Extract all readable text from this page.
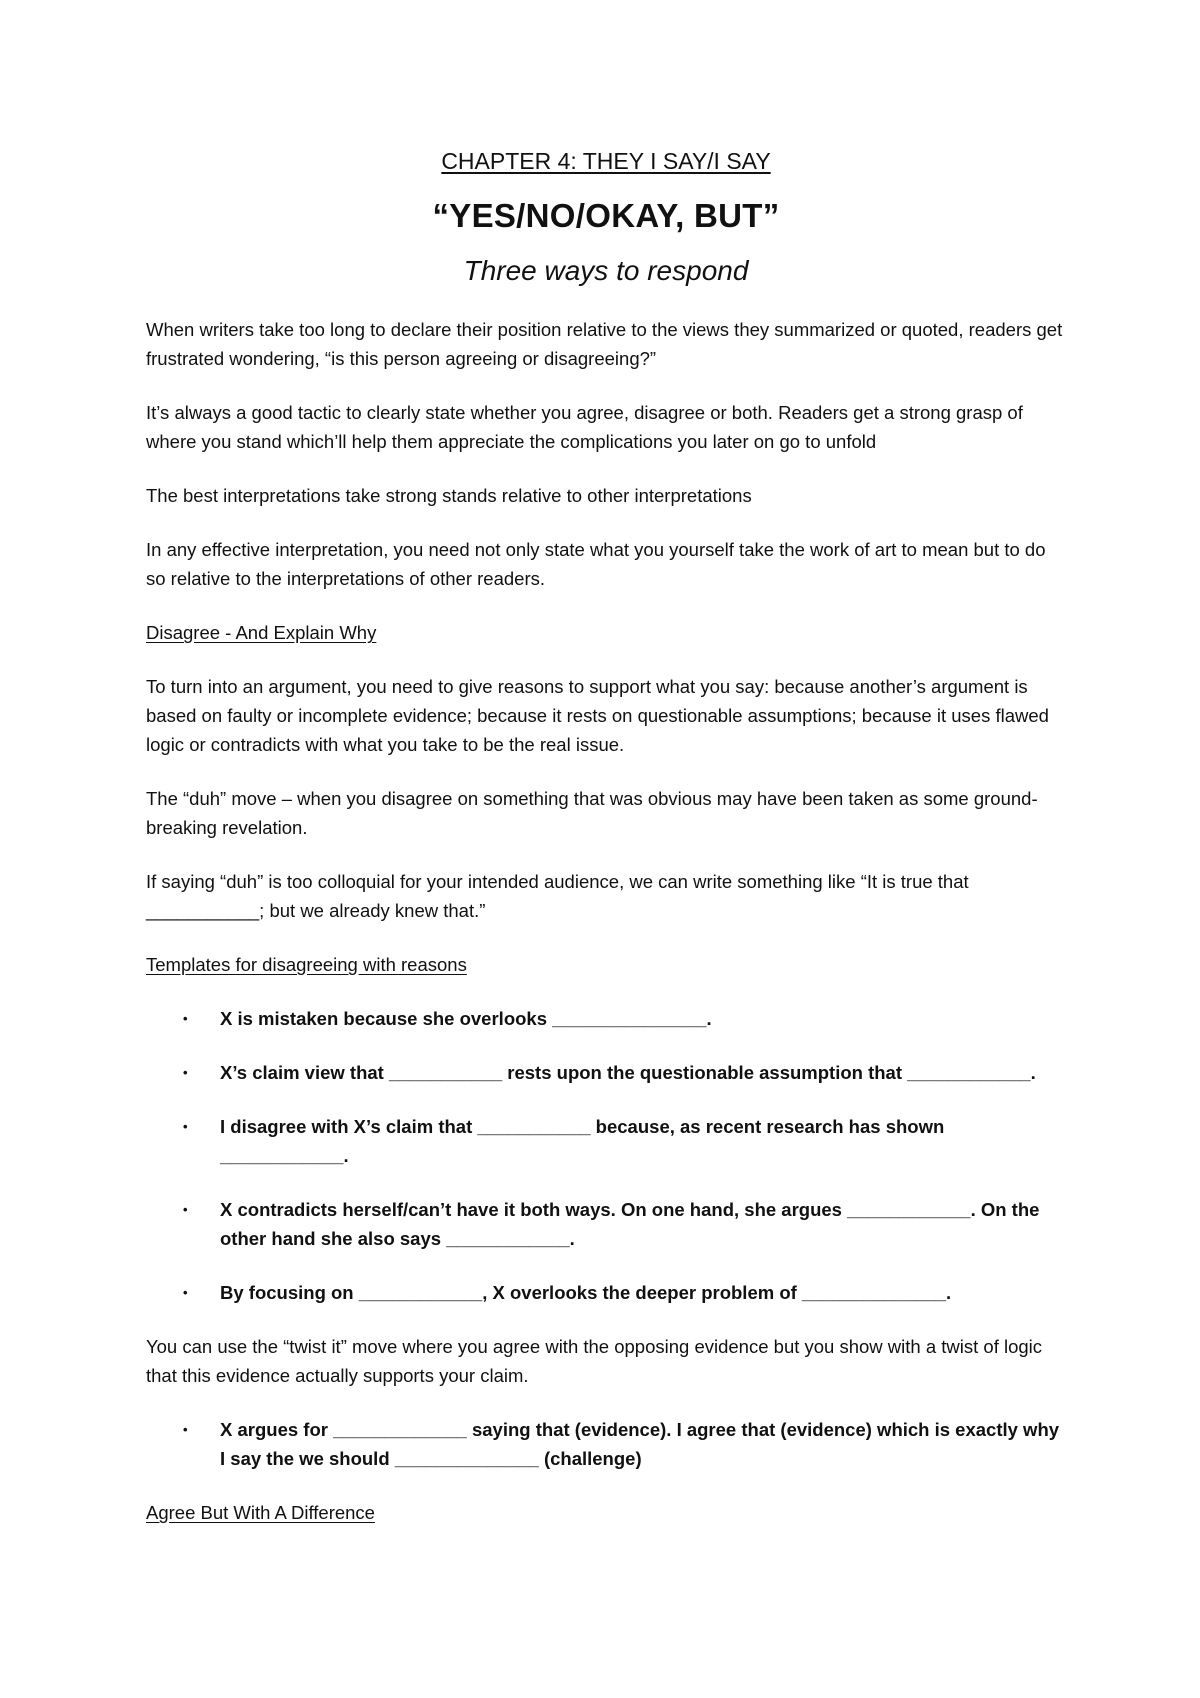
CHAPTER 4: THEY I SAY/I SAY
“YES/NO/OKAY, BUT”
Three ways to respond

When writers take too long to declare their position relative to the views they summarized or quoted, readers get frustrated wondering, “is this person agreeing or disagreeing?”

It’s always a good tactic to clearly state whether you agree, disagree or both. Readers get a strong grasp of where you stand which’ll help them appreciate the complications you later on go to unfold

The best interpretations take strong stands relative to other interpretations

In any effective interpretation, you need not only state what you yourself take the work of art to mean but to do so relative to the interpretations of other readers.

Disagree - And Explain Why

To turn into an argument, you need to give reasons to support what you say: because another’s argument is based on faulty or incomplete evidence; because it rests on questionable assumptions; because it uses flawed logic or contradicts with what you take to be the real issue.

The “duh” move – when you disagree on something that was obvious may have been taken as some ground-breaking revelation.

If saying “duh” is too colloquial for your intended audience, we can write something like “It is true that ___________; but we already knew that.”

Templates for disagreeing with reasons
• X is mistaken because she overlooks _______________.
• X’s claim view that ___________ rests upon the questionable assumption that ____________.
• I disagree with X’s claim that ___________ because, as recent research has shown ____________.
• X contradicts herself/can’t have it both ways. On one hand, she argues ____________. On the other hand she also says ____________.
• By focusing on ____________, X overlooks the deeper problem of ______________.

You can use the “twist it” move where you agree with the opposing evidence but you show with a twist of logic that this evidence actually supports your claim.

• X argues for _____________ saying that (evidence). I agree that (evidence) which is exactly why I say the we should ______________ (challenge)
Agree But With A Difference
